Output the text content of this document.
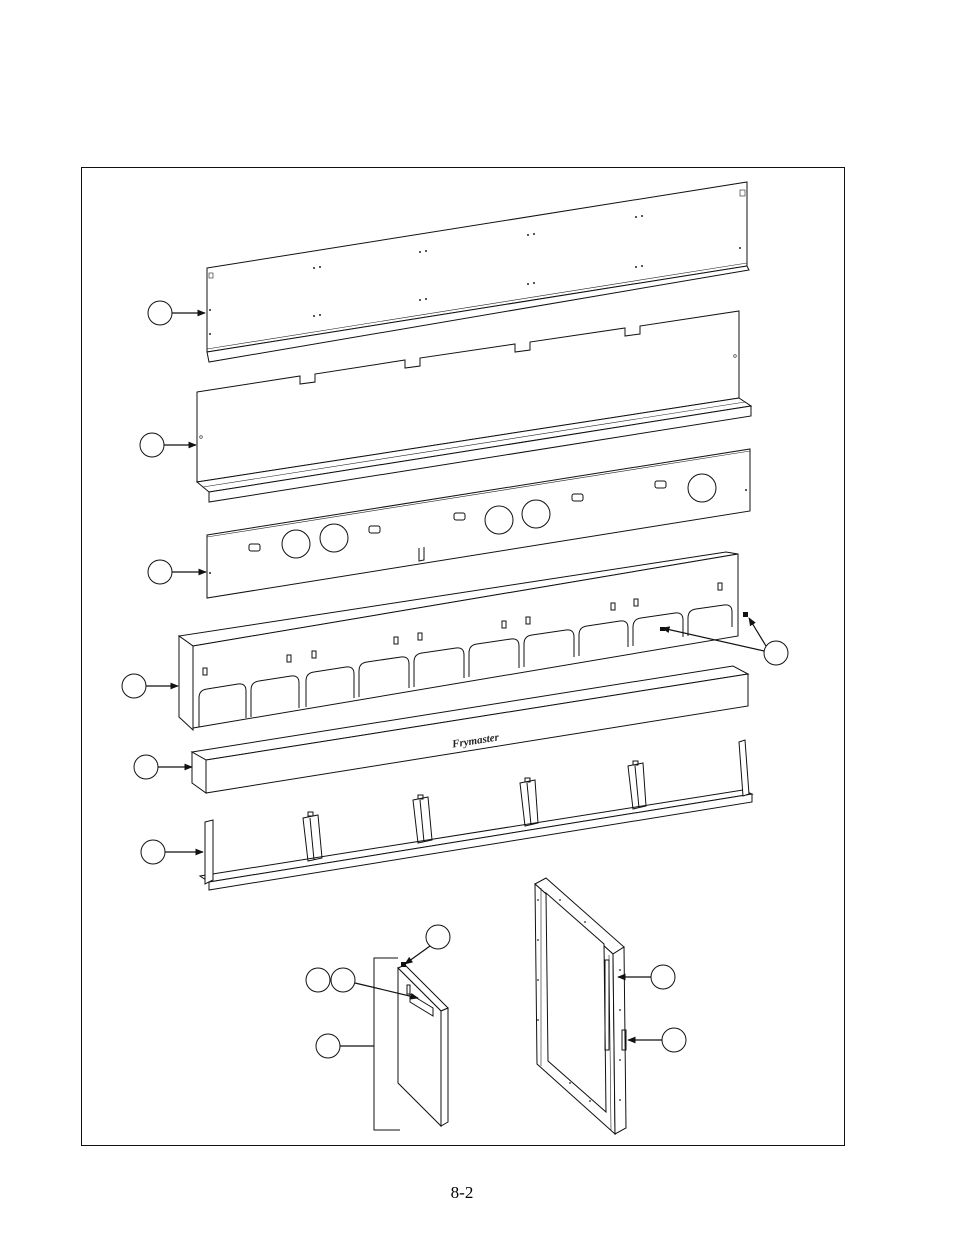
Frymaster
8-2
